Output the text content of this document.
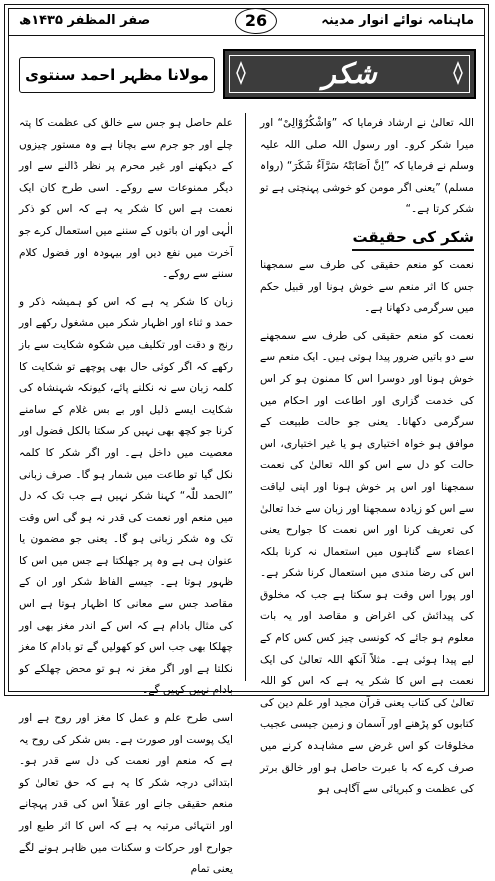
ماہنامہ نوائے انوار مدینہ
26
صفر المظفر ۱۴۳۵ھ
مولانا مظہر احمد سنتوی	شکر

اللہ تعالیٰ نے ارشاد فرمایا کہ ”وَاشْکُرُوْالِیْ“ اور میرا شکر کرو۔ اور رسول اللہ صلی اللہ علیہ وسلم نے فرمایا کہ ”اِنَّ اَصَابَتْہُ سَرَّآءُ شَکَرَ“ (رواہ مسلم) ”یعنی اگر مومن کو خوشی پہنچتی ہے تو شکر کرتا ہے۔“

شکر کی حقیقت

نعمت کو منعم حقیقی کی طرف سے سمجھنا جس کا اثر منعم سے خوش ہونا اور قبیل حکم میں سرگرمی دکھانا ہے۔

نعمت کو منعم حقیقی کی طرف سے سمجھنے سے دو باتیں ضرور پیدا ہوتی ہیں۔ ایک منعم سے خوش ہونا اور دوسرا اس کا ممنون ہو کر اس کی خدمت گزاری اور اطاعت اور احکام میں سرگرمی دکھانا۔ یعنی جو حالت طبیعت کے موافق ہو خواہ اختیاری ہو یا غیر اختیاری، اس حالت کو دل سے اس کو اللہ تعالیٰ کی نعمت سمجھنا اور اس پر خوش ہونا اور اپنی لیاقت سے اس کو زیادہ سمجھنا اور زبان سے خدا تعالیٰ کی تعریف کرنا اور اس نعمت کا جوارح یعنی اعضاء سے گناہوں میں استعمال نہ کرنا بلکہ اس کی رضا مندی میں استعمال کرنا شکر ہے۔ اور پورا اس وقت ہو سکتا ہے جب کہ مخلوق کی پیدائش کی اغراض و مقاصد اور یہ بات معلوم ہو جائے کہ کونسی چیز کس کس کام کے لیے پیدا ہوئی ہے۔ مثلاً آنکھ اللہ تعالیٰ کی ایک نعمت ہے اس کا شکر یہ ہے کہ اس کو اللہ تعالیٰ کی کتاب یعنی قرآن مجید اور علم دین کی کتابوں کو پڑھنے اور آسمان و زمین جیسی عجیب مخلوقات کو اس غرض سے مشاہدہ کرنے میں صرف کرے کہ با عبرت حاصل ہو اور خالق برتر کی عظمت و کبریائی سے آگاہی ہو

علم حاصل ہو جس سے خالق کی عظمت کا پتہ چلے اور جو جرم سے بچانا ہے وہ مستور چیزوں کے دیکھنے اور غیر محرم پر نظر ڈالنے سے اور دیگر ممنوعات سے روکے۔ اسی طرح کان ایک نعمت ہے اس کا شکر یہ ہے کہ اس کو ذکر الٰہی اور ان باتوں کے سننے میں استعمال کرے جو آخرت میں نفع دیں اور بیہودہ اور فضول کلام سننے سے روکے۔

زبان کا شکر یہ ہے کہ اس کو ہمیشہ ذکر و حمد و ثناء اور اظہار شکر میں مشغول رکھے اور رنج و دقت اور تکلیف میں شکوہ شکایت سے باز رکھے کہ اگر کوئی حال بھی پوچھے تو شکایت کا کلمہ زبان سے نہ نکلنے پائے، کیونکہ شہنشاہ کی شکایت ایسے ذلیل اور بے بس غلام کے سامنے کرنا جو کچھ بھی نہیں کر سکتا بالکل فضول اور معصیت میں داخل ہے۔ اور اگر شکر کا کلمہ نکل گیا تو طاعت میں شمار ہو گا۔ صرف زبانی ”الحمد للّٰہ“ کہنا شکر نہیں ہے جب تک کہ دل میں منعم اور نعمت کی قدر نہ ہو گی اس وقت تک وہ شکر زبانی ہو گا۔ یعنی جو مضمون یا عنوان ہی ہے وہ پر جھلکتا ہے جس میں اس کا ظہور ہوتا ہے۔ جیسے الفاظ شکر اور ان کے مقاصد جس سے معانی کا اظہار ہوتا ہے اس کی مثال بادام ہے کہ اس کے اندر مغز بھی اور چھلکا بھی جب اس کو کھولیں گے تو بادام کا مغز نکلتا ہے اور اگر مغز نہ ہو تو محض چھلکے کو بادام نہیں کہیں گے۔

اسی طرح علم و عمل کا مغز اور روح ہے اور ایک پوست اور صورت ہے۔ بس شکر کی روح یہ ہے کہ منعم اور نعمت کی دل سے قدر ہو۔ ابتدائی درجہ شکر کا یہ ہے کہ حق تعالیٰ کو منعم حقیقی جانے اور عقلاً اس کی قدر پہچانے اور انتہائی مرتبہ یہ ہے کہ اس کا اثر طبع اور جوارح اور حرکات و سکنات میں ظاہر ہونے لگے یعنی تمام
